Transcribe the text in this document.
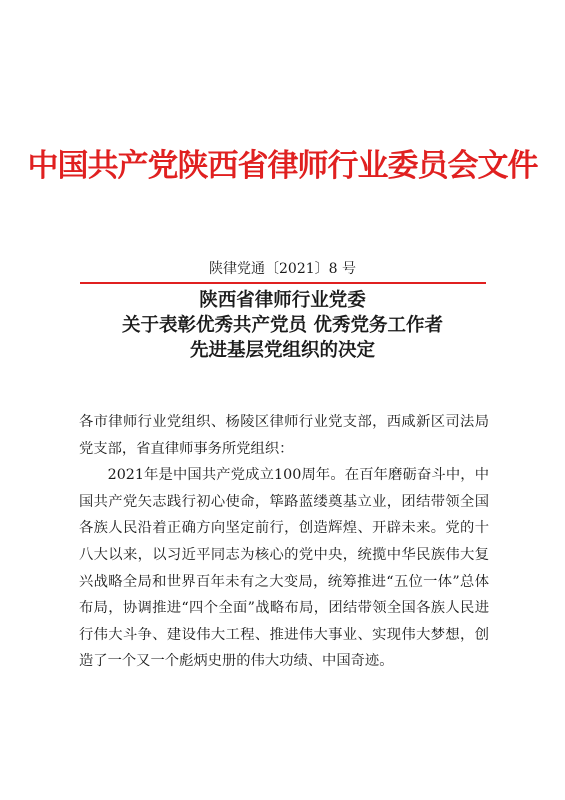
中国共产党陕西省律师行业委员会文件
陕律党通〔2021〕8 号
陕西省律师行业党委
关于表彰优秀共产党员 优秀党务工作者
先进基层党组织的决定

各市律师行业党组织、杨陵区律师行业党支部，西咸新区司法局党支部，省直律师事务所党组织：

2021年是中国共产党成立100周年。在百年磨砺奋斗中，中国共产党矢志践行初心使命，筚路蓝缕奠基立业，团结带领全国各族人民沿着正确方向坚定前行，创造辉煌、开辟未来。党的十八大以来，以习近平同志为核心的党中央，统揽中华民族伟大复兴战略全局和世界百年未有之大变局，统筹推进“五位一体”总体布局，协调推进“四个全面”战略布局，团结带领全国各族人民进行伟大斗争、建设伟大工程、推进伟大事业、实现伟大梦想，创造了一个又一个彪炳史册的伟大功绩、中国奇迹。
